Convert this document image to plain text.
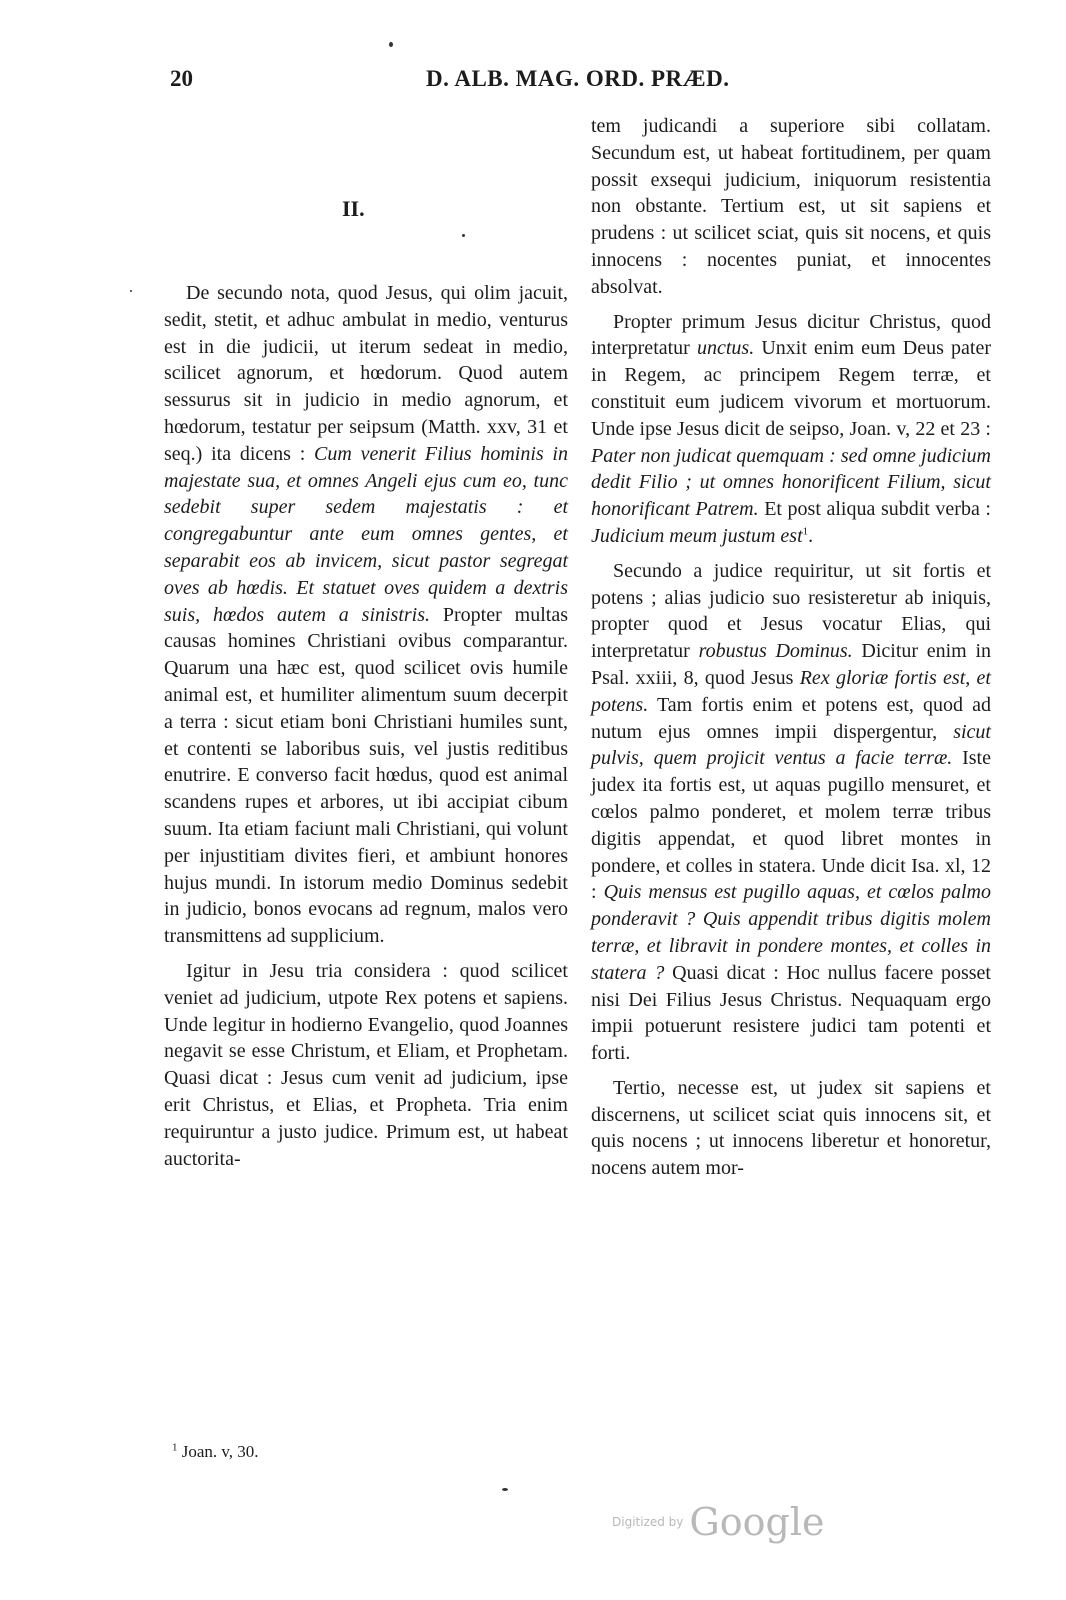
20	D. ALB. MAG. ORD. PRÆD.
II.

De secundo nota, quod Jesus, qui olim jacuit, sedit, stetit, et adhuc ambulat in medio, venturus est in die judicii, ut iterum sedeat in medio, scilicet agnorum, et hœdorum. Quod autem sessurus sit in judicio in medio agnorum, et hœdorum, testatur per seipsum (Matth. xxv, 31 et seq.) ita dicens : Cum venerit Filius hominis in majestate sua, et omnes Angeli ejus cum eo, tunc sedebit super sedem majestatis : et congregabuntur ante eum omnes gentes, et separabit eos ab invicem, sicut pastor segregat oves ab hœdis. Et statuet oves quidem a dextris suis, hœdos autem a sinistris. Propter multas causas homines Christiani ovibus comparantur. Quarum una hæc est, quod scilicet ovis humile animal est, et humiliter alimentum suum decerpit a terra : sicut etiam boni Christiani humiles sunt, et contenti se laboribus suis, vel justis reditibus enutrire. E converso facit hœdus, quod est animal scandens rupes et arbores, ut ibi accipiat cibum suum. Ita etiam faciunt mali Christiani, qui volunt per injustitiam divites fieri, et ambiunt honores hujus mundi. In istorum medio Dominus sedebit in judicio, bonos evocans ad regnum, malos vero transmittens ad supplicium.

Igitur in Jesu tria considera : quod scilicet veniet ad judicium, utpote Rex potens et sapiens. Unde legitur in hodierno Evangelio, quod Joannes negavit se esse Christum, et Eliam, et Prophetam. Quasi dicat : Jesus cum venit ad judicium, ipse erit Christus, et Elias, et Propheta. Tria enim requiruntur a justo judice. Primum est, ut habeat auctorita-

tem judicandi a superiore sibi collatam. Secundum est, ut habeat fortitudinem, per quam possit exsequi judicium, iniquorum resistentia non obstante. Tertium est, ut sit sapiens et prudens : ut scilicet sciat, quis sit nocens, et quis innocens : nocentes puniat, et innocentes absolvat.

Propter primum Jesus dicitur Christus, quod interpretatur unctus. Unxit enim eum Deus pater in Regem, ac principem Regem terræ, et constituit eum judicem vivorum et mortuorum. Unde ipse Jesus dicit de seipso, Joan. v, 22 et 23 : Pater non judicat quemquam : sed omne judicium dedit Filio ; ut omnes honorificent Filium, sicut honorificant Patrem. Et post aliqua subdit verba : Judicium meum justum est$^1$.

Secundo a judice requiritur, ut sit fortis et potens ; alias judicio suo resisteretur ab iniquis, propter quod et Jesus vocatur Elias, qui interpretatur robustus Dominus. Dicitur enim in Psal. xxiii, 8, quod Jesus Rex gloriæ fortis est, et potens. Tam fortis enim et potens est, quod ad nutum ejus omnes impii dispergentur, sicut pulvis, quem projicit ventus a facie terræ. Iste judex ita fortis est, ut aquas pugillo mensuret, et cœlos palmo ponderet, et molem terræ tribus digitis appendat, et quod libret montes in pondere, et colles in statera. Unde dicit Isa. xl, 12 : Quis mensus est pugillo aquas, et cœlos palmo ponderavit ? Quis appendit tribus digitis molem terræ, et libravit in pondere montes, et colles in statera ? Quasi dicat : Hoc nullus facere posset nisi Dei Filius Jesus Christus. Nequaquam ergo impii potuerunt resistere judici tam potenti et forti.

Tertio, necesse est, ut judex sit sapiens et discernens, ut scilicet sciat quis innocens sit, et quis nocens ; ut innocens liberetur et honoretur, nocens autem mor-

$^1$ Joan. v, 30.
Digitized by Google
